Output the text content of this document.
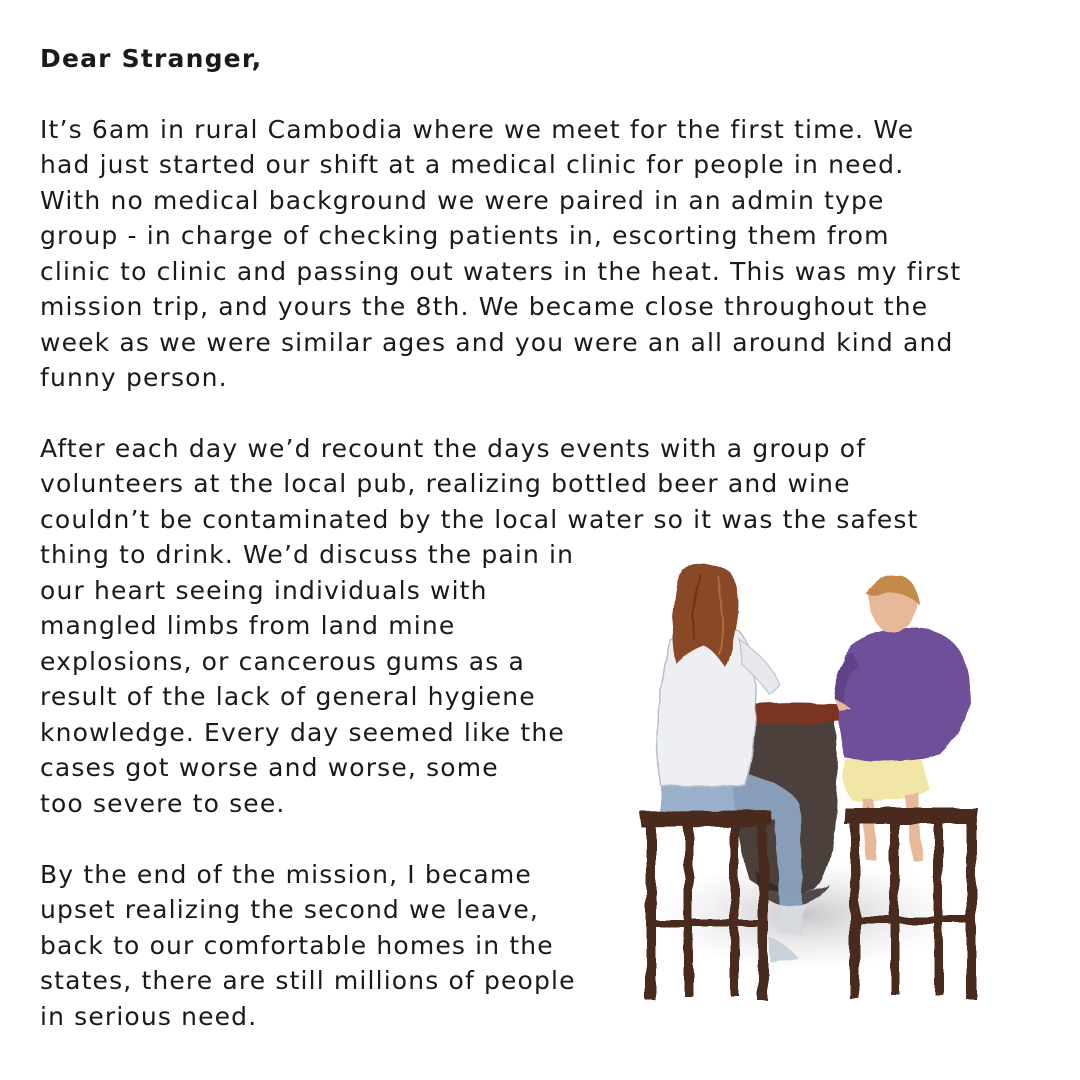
Dear Stranger,
It’s 6am in rural Cambodia where we meet for the first time. We
had just started our shift at a medical clinic for people in need.
With no medical background we were paired in an admin type
group - in charge of checking patients in, escorting them from
clinic to clinic and passing out waters in the heat. This was my first
mission trip, and yours the 8th. We became close throughout the
week as we were similar ages and you were an all around kind and
funny person.
After each day we’d recount the days events with a group of
volunteers at the local pub, realizing bottled beer and wine
couldn’t be contaminated by the local water so it was the safest
thing to drink. We’d discuss the pain in
our heart seeing individuals with
mangled limbs from land mine
explosions, or cancerous gums as a
result of the lack of general hygiene
knowledge. Every day seemed like the
cases got worse and worse, some
too severe to see.
By the end of the mission, I became
upset realizing the second we leave,
back to our comfortable homes in the
states, there are still millions of people
in serious need.
